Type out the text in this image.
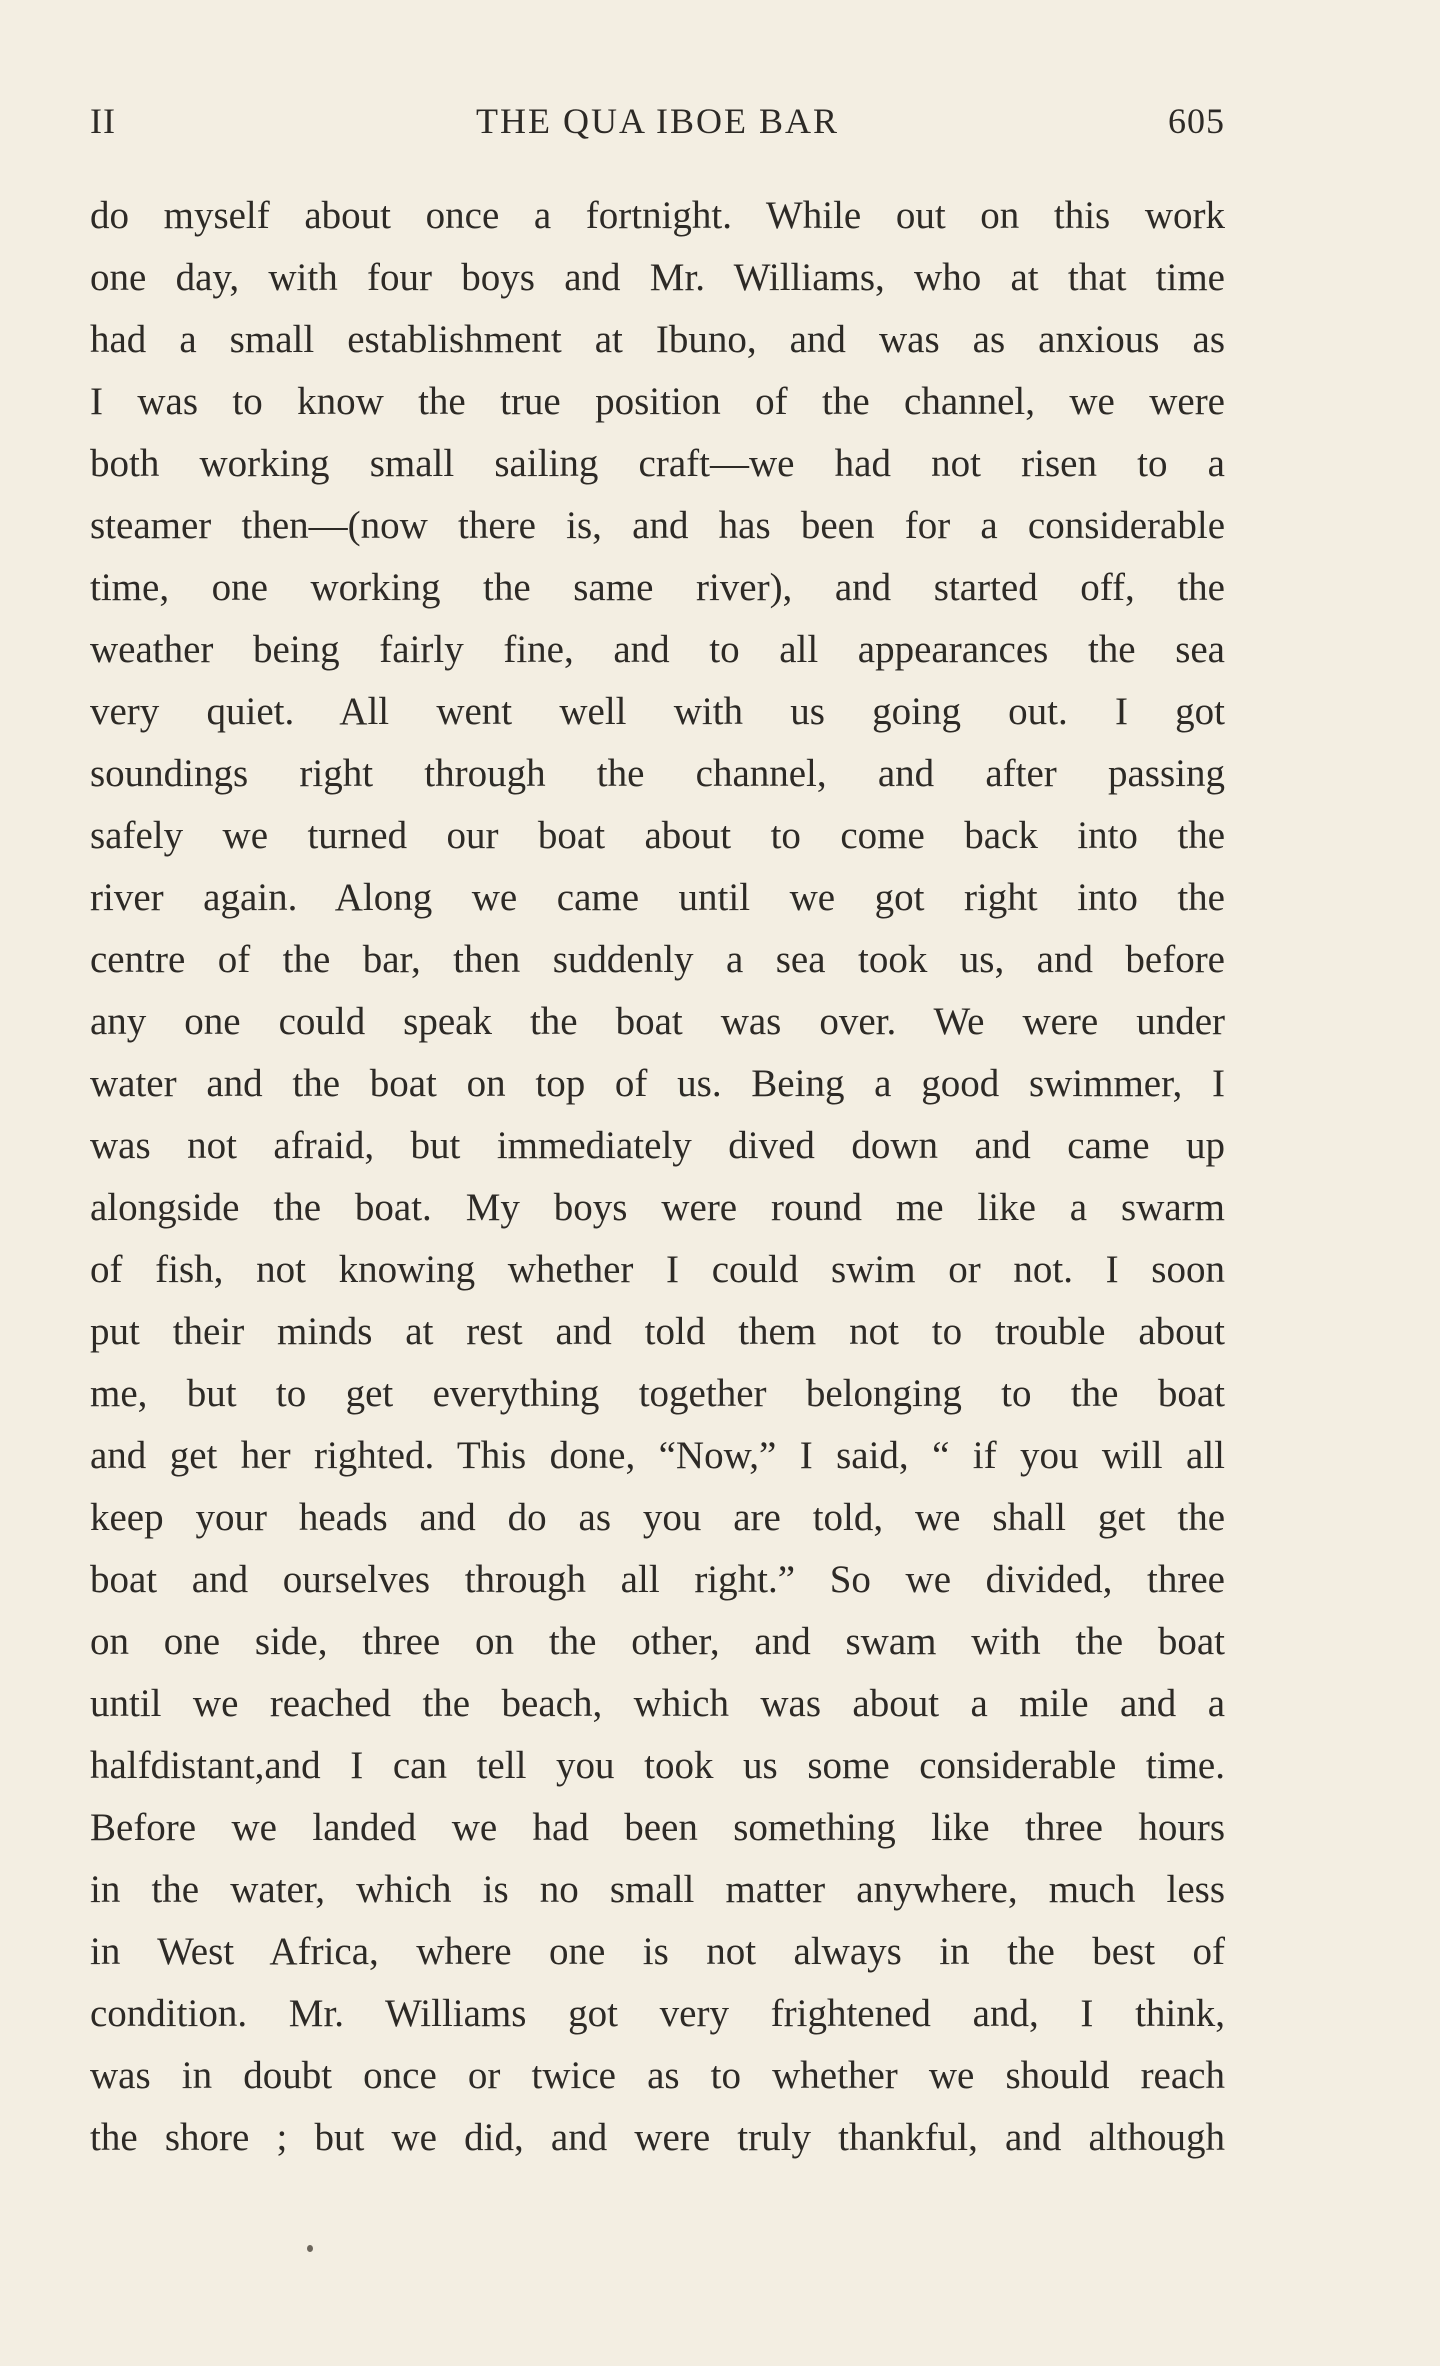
II	THE QUA IBOE BAR	605
do myself about once a fortnight. While out on this work
one day, with four boys and Mr. Williams, who at that time
had a small establishment at Ibuno, and was as anxious as
I was to know the true position of the channel, we were
both working small sailing craft—we had not risen to a
steamer then—(now there is, and has been for a considerable
time, one working the same river), and started off, the
weather being fairly fine, and to all appearances the sea
very quiet. All went well with us going out. I got
soundings right through the channel, and after passing
safely we turned our boat about to come back into the
river again. Along we came until we got right into the
centre of the bar, then suddenly a sea took us, and before
any one could speak the boat was over. We were under
water and the boat on top of us. Being a good swimmer, I
was not afraid, but immediately dived down and came up
alongside the boat. My boys were round me like a swarm
of fish, not knowing whether I could swim or not. I soon
put their minds at rest and told them not to trouble about
me, but to get everything together belonging to the boat
and get her righted. This done, “Now,” I said, “ if you will all
keep your heads and do as you are told, we shall get the
boat and ourselves through all right.” So we divided, three
on one side, three on the other, and swam with the boat
until we reached the beach, which was about a mile and a
halfdistant,and I can tell you took us some considerable time.
Before we landed we had been something like three hours
in the water, which is no small matter anywhere, much less
in West Africa, where one is not always in the best of
condition. Mr. Williams got very frightened and, I think,
was in doubt once or twice as to whether we should reach
the shore ; but we did, and were truly thankful, and although
